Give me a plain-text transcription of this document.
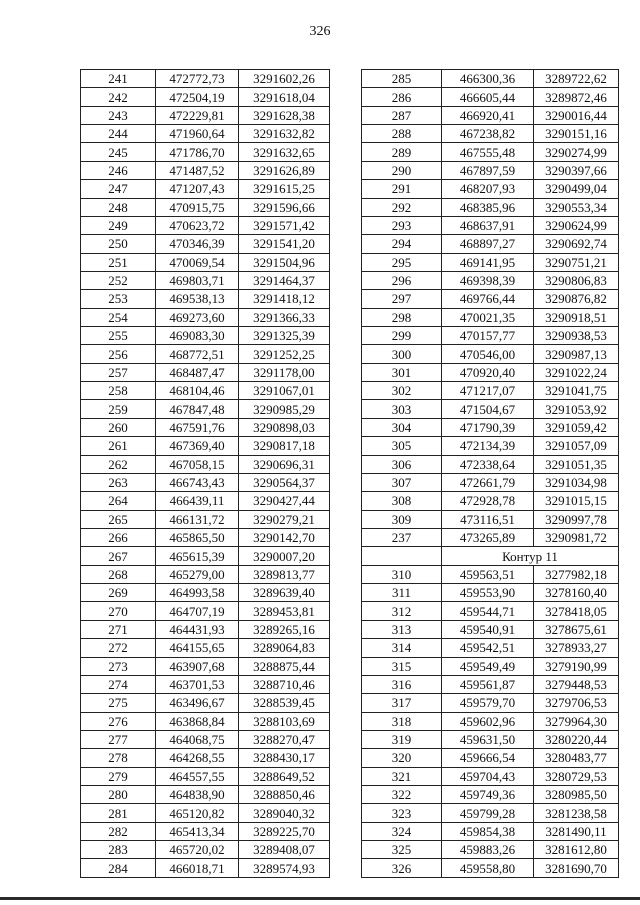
326
241	472772,73	3291602,26
242	472504,19	3291618,04
243	472229,81	3291628,38
244	471960,64	3291632,82
245	471786,70	3291632,65
246	471487,52	3291626,89
247	471207,43	3291615,25
248	470915,75	3291596,66
249	470623,72	3291571,42
250	470346,39	3291541,20
251	470069,54	3291504,96
252	469803,71	3291464,37
253	469538,13	3291418,12
254	469273,60	3291366,33
255	469083,30	3291325,39
256	468772,51	3291252,25
257	468487,47	3291178,00
258	468104,46	3291067,01
259	467847,48	3290985,29
260	467591,76	3290898,03
261	467369,40	3290817,18
262	467058,15	3290696,31
263	466743,43	3290564,37
264	466439,11	3290427,44
265	466131,72	3290279,21
266	465865,50	3290142,70
267	465615,39	3290007,20
268	465279,00	3289813,77
269	464993,58	3289639,40
270	464707,19	3289453,81
271	464431,93	3289265,16
272	464155,65	3289064,83
273	463907,68	3288875,44
274	463701,53	3288710,46
275	463496,67	3288539,45
276	463868,84	3288103,69
277	464068,75	3288270,47
278	464268,55	3288430,17
279	464557,55	3288649,52
280	464838,90	3288850,46
281	465120,82	3289040,32
282	465413,34	3289225,70
283	465720,02	3289408,07
284	466018,71	3289574,93
285	466300,36	3289722,62
286	466605,44	3289872,46
287	466920,41	3290016,44
288	467238,82	3290151,16
289	467555,48	3290274,99
290	467897,59	3290397,66
291	468207,93	3290499,04
292	468385,96	3290553,34
293	468637,91	3290624,99
294	468897,27	3290692,74
295	469141,95	3290751,21
296	469398,39	3290806,83
297	469766,44	3290876,82
298	470021,35	3290918,51
299	470157,77	3290938,53
300	470546,00	3290987,13
301	470920,40	3291022,24
302	471217,07	3291041,75
303	471504,67	3291053,92
304	471790,39	3291059,42
305	472134,39	3291057,09
306	472338,64	3291051,35
307	472661,79	3291034,98
308	472928,78	3291015,15
309	473116,51	3290997,78
237	473265,89	3290981,72
	Контур 11	
310	459563,51	3277982,18
311	459553,90	3278160,40
312	459544,71	3278418,05
313	459540,91	3278675,61
314	459542,51	3278933,27
315	459549,49	3279190,99
316	459561,87	3279448,53
317	459579,70	3279706,53
318	459602,96	3279964,30
319	459631,50	3280220,44
320	459666,54	3280483,77
321	459704,43	3280729,53
322	459749,36	3280985,50
323	459799,28	3281238,58
324	459854,38	3281490,11
325	459883,26	3281612,80
326	459558,80	3281690,70
